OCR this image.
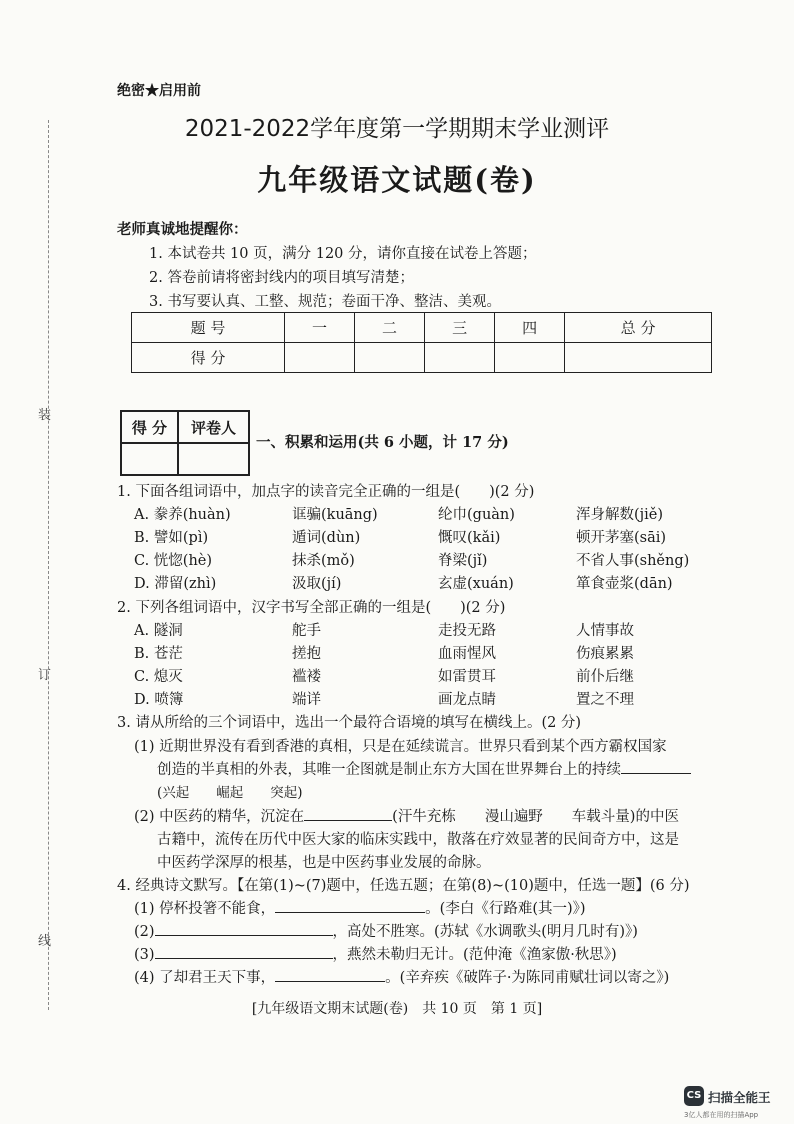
装
订
线
绝密★启用前
2021-2022学年度第一学期期末学业测评
九年级语文试题(卷)
老师真诚地提醒你：
1. 本试卷共 10 页，满分 120 分，请你直接在试卷上答题；
2. 答卷前请将密封线内的项目填写清楚；
3. 书写要认真、工整、规范；卷面干净、整洁、美观。
题 号	一	二	三	四	总 分
得 分					
得 分	评卷人

一、积累和运用(共 6 小题，计 17 分)
1. 下面各组词语中，加点字的读音完全正确的一组是(　　)(2 分)
A. 豢养(huàn)	诓骗(kuāng)	纶巾(guàn)	浑身解数(jiě)
B. 譬如(pì)	遁词(dùn)	慨叹(kǎi)	顿开茅塞(sāi)
C. 恍惚(hè)	抹杀(mǒ)	脊梁(jǐ)	不省人事(shěng)
D. 滞留(zhì)	汲取(jí)	玄虚(xuán)	箪食壶浆(dān)
2. 下列各组词语中，汉字书写全部正确的一组是(　　)(2 分)
A. 隧洞	舵手	走投无路	人情事故
B. 苍茫	搓抱	血雨惺风	伤痕累累
C. 熄灭	褴褛	如雷贯耳	前仆后继
D. 喷簿	端详	画龙点睛	置之不理
3. 请从所给的三个词语中，选出一个最符合语境的填写在横线上。(2 分)
(1) 近期世界没有看到香港的真相，只是在延续谎言。世界只看到某个西方霸权国家
创造的半真相的外表，其唯一企图就是制止东方大国在世界舞台上的持续
(兴起　　崛起　　突起)
(2) 中医药的精华，沉淀在	(汗牛充栋　　漫山遍野　　车载斗量)的中医
古籍中，流传在历代中医大家的临床实践中，散落在疗效显著的民间奇方中，这是
中医药学深厚的根基，也是中医药事业发展的命脉。
4. 经典诗文默写。【在第(1)~(7)题中，任选五题；在第(8)~(10)题中，任选一题】(6 分)
(1) 停杯投箸不能食，	。(李白《行路难(其一)》)
(2)	，高处不胜寒。(苏轼《水调歌头(明月几时有)》)
(3)	，燕然未勒归无计。(范仲淹《渔家傲·秋思》)
(4) 了却君王天下事，	。(辛弃疾《破阵子·为陈同甫赋壮词以寄之》)
[九年级语文期末试题(卷)　共 10 页　第 1 页]
CS 扫描全能王
3亿人都在用的扫描App
